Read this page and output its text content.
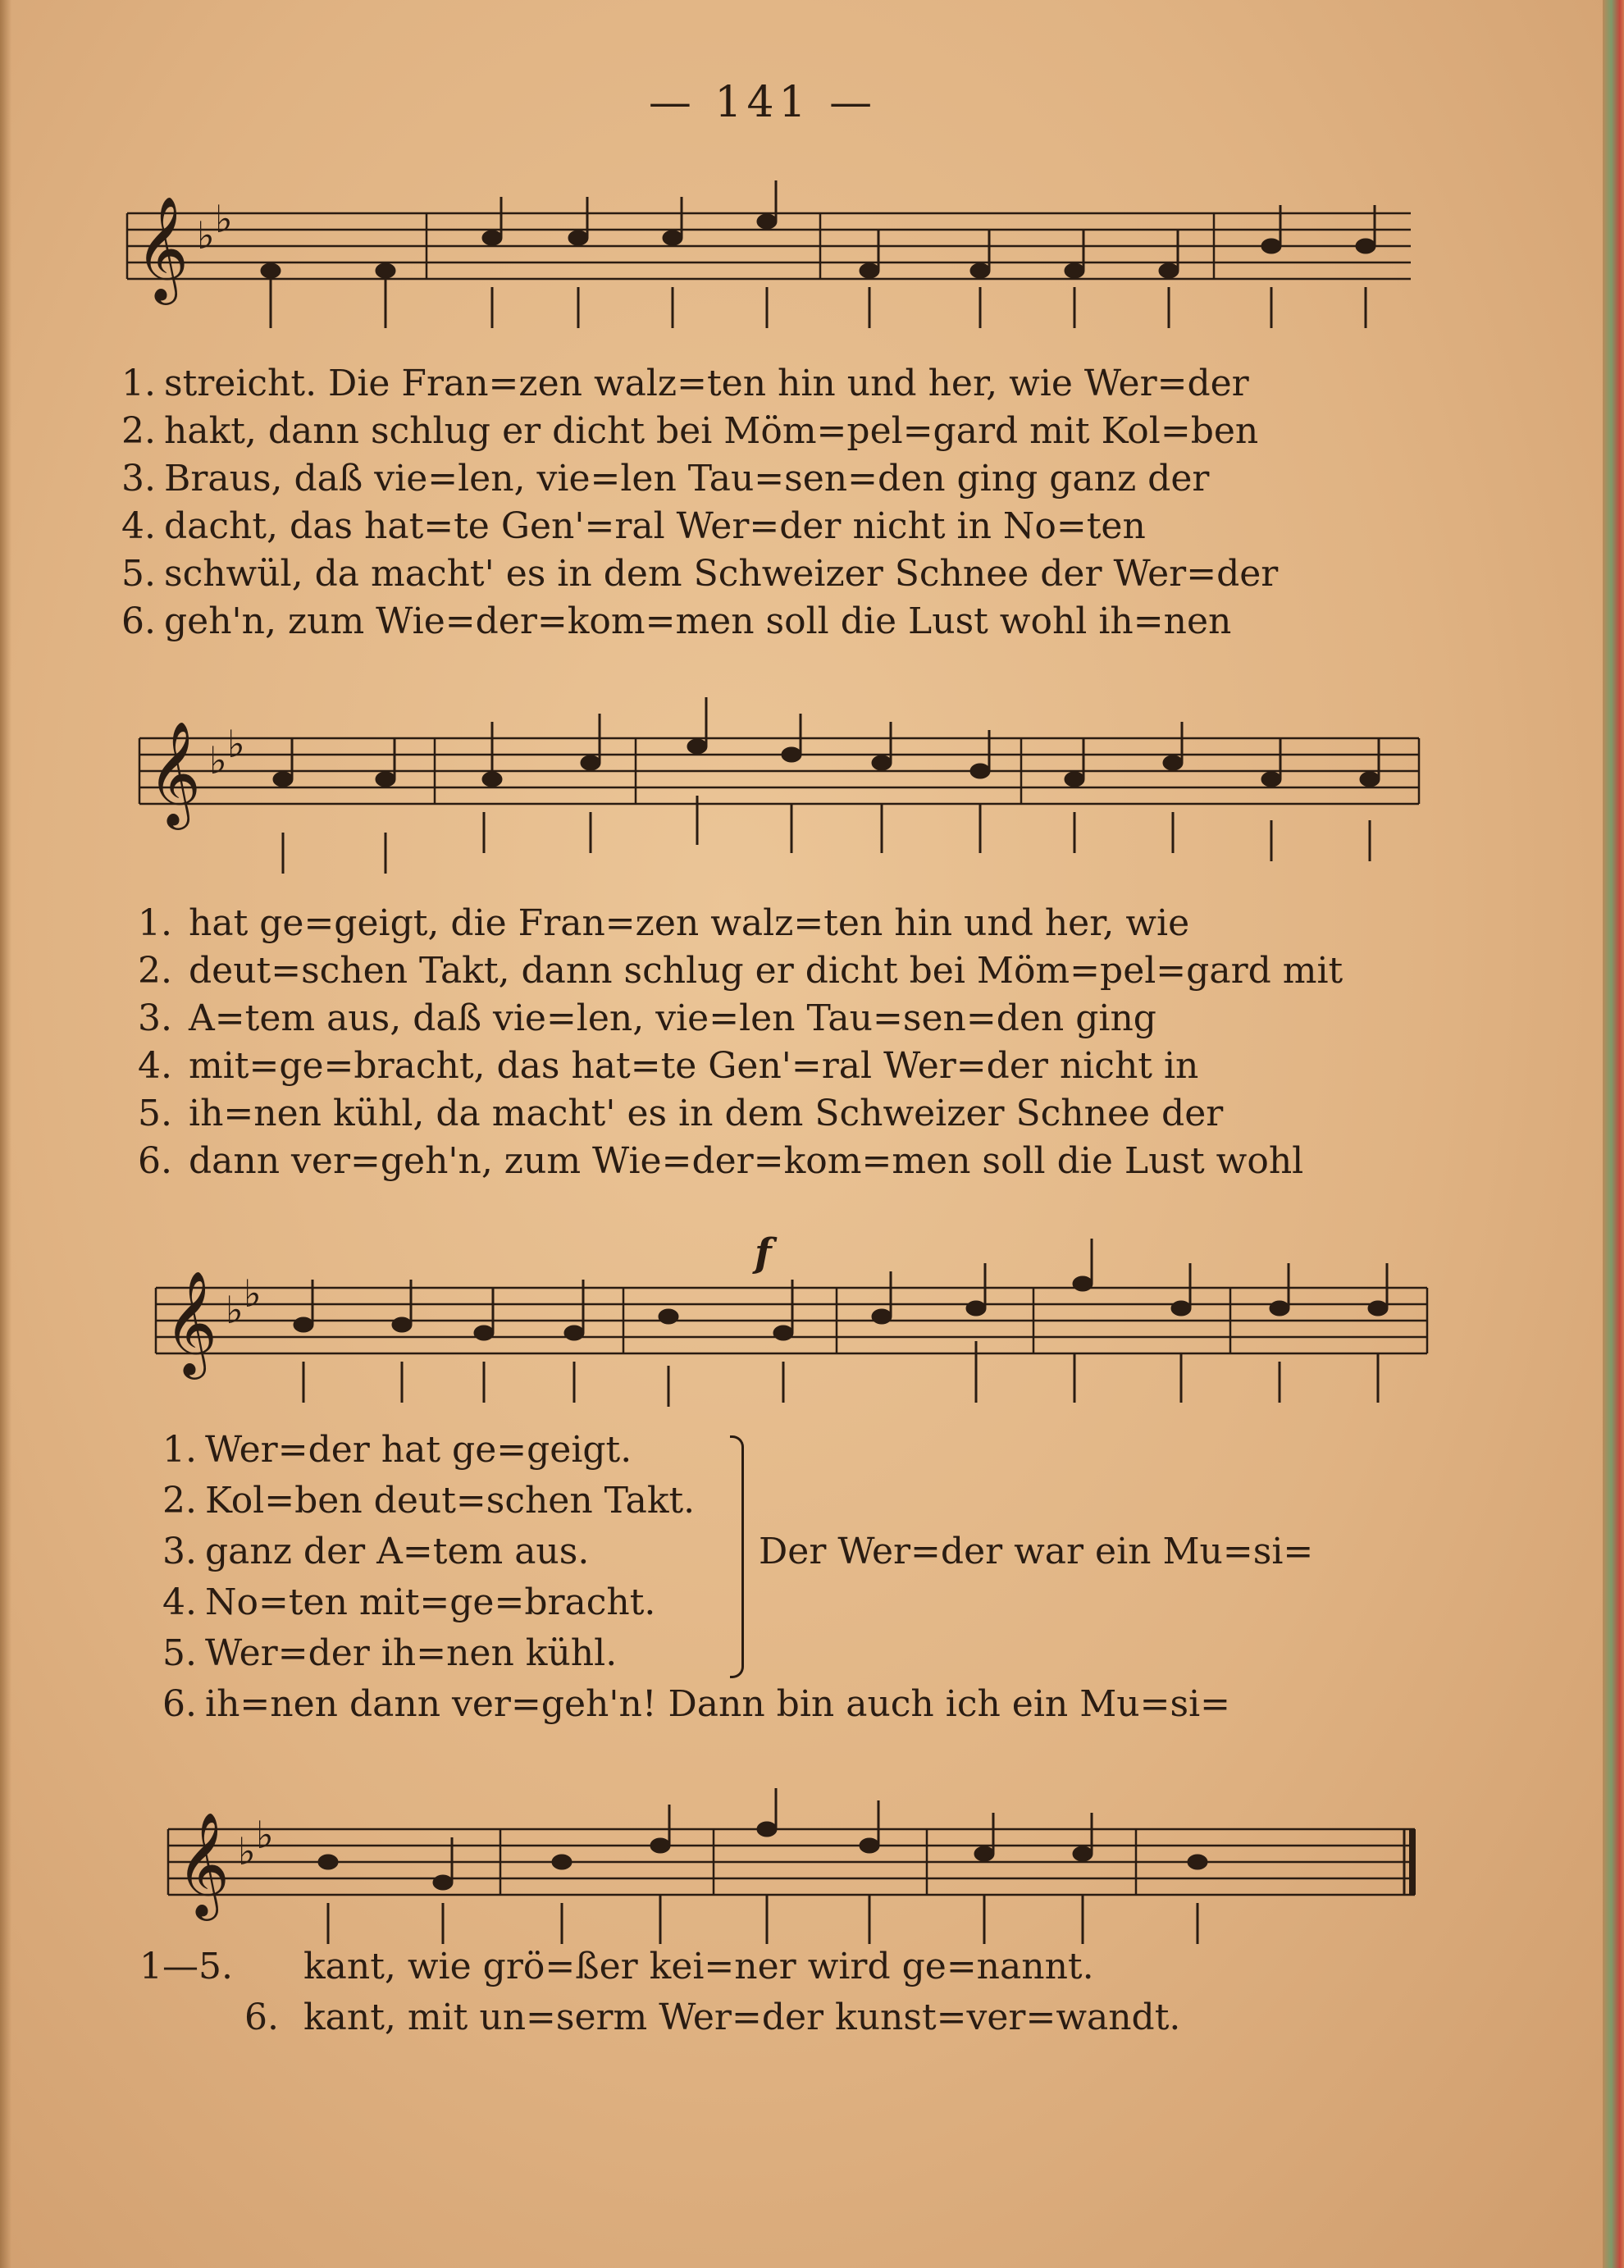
— 141 —
𝄞 ♭ ♭
1. streicht. Die Fran=zen walz=ten hin und her, wie Wer=der
2. hakt, dann schlug er dicht bei Möm=pel=gard mit Kol=ben
3. Braus, daß vie=len, vie=len Tau=sen=den ging ganz der
4. dacht, das hat=te Gen'=ral Wer=der nicht in No=ten
5. schwül, da macht' es in dem Schweizer Schnee der Wer=der
6. geh'n, zum Wie=der=kom=men soll die Lust wohl ih=nen
𝄞 ♭ ♭
1. hat ge=geigt, die Fran=zen walz=ten hin und her, wie
2. deut=schen Takt, dann schlug er dicht bei Möm=pel=gard mit
3. A=tem aus, daß vie=len, vie=len Tau=sen=den ging
4. mit=ge=bracht, das hat=te Gen'=ral Wer=der nicht in
5. ih=nen kühl, da macht' es in dem Schweizer Schnee der
6. dann ver=geh'n, zum Wie=der=kom=men soll die Lust wohl
f
𝄞 ♭ ♭
1. Wer=der hat ge=geigt.
2. Kol=ben deut=schen Takt.
3. ganz der A=tem aus.
4. No=ten mit=ge=bracht.
5. Wer=der ih=nen kühl.
Der Wer=der war ein Mu=si=
6. ih=nen dann ver=geh'n! Dann bin auch ich ein Mu=si=
𝄞 ♭ ♭
1—5.	kant, wie grö=ßer kei=ner wird ge=nannt.
6. kant, mit un=serm Wer=der kunst=ver=wandt.
